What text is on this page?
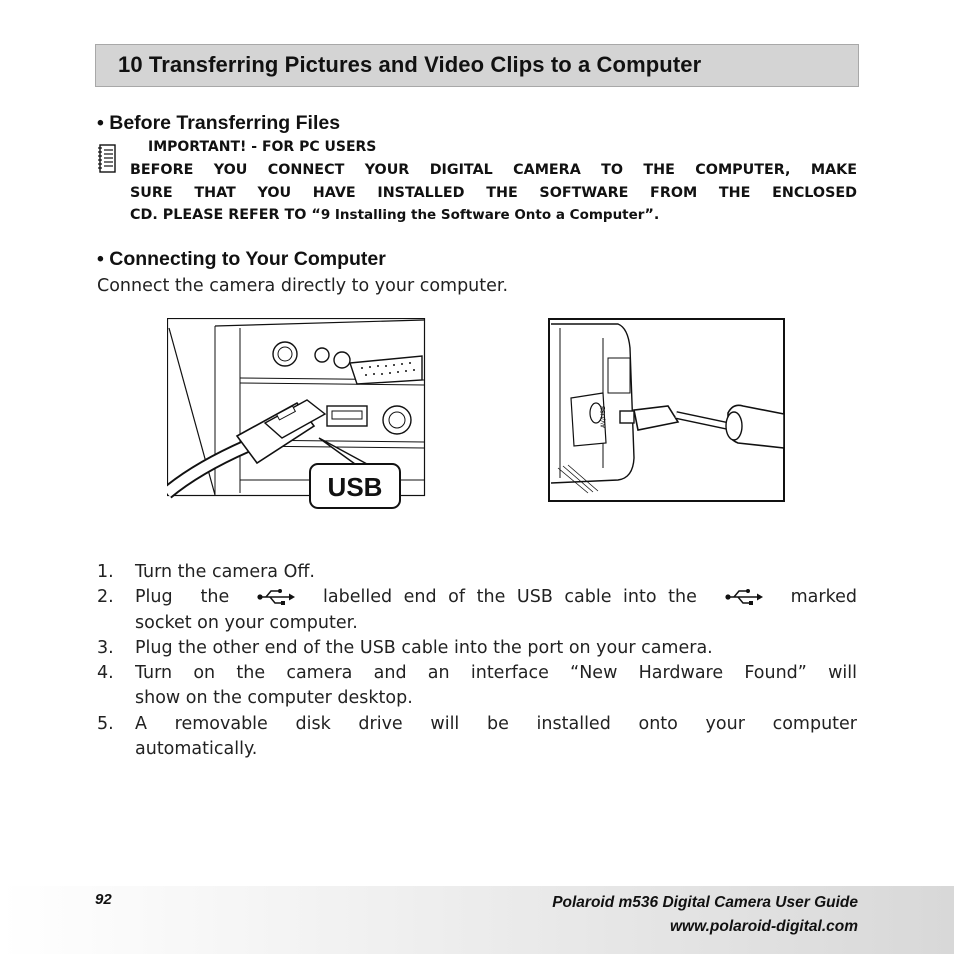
10 Transferring Pictures and Video Clips to a Computer
• Before Transferring Files
IMPORTANT! - FOR PC USERS
BEFORE YOU CONNECT YOUR DIGITAL CAMERA TO THE COMPUTER, MAKE
SURE THAT YOU HAVE INSTALLED THE SOFTWARE FROM THE ENCLOSED
CD. PLEASE REFER TO “9 Installing the Software Onto a Computer”.
• Connecting to Your Computer
Connect the camera directly to your computer.
USB
AV/USB
1. Turn the camera Off.
2. Plug the	labelled end of the USB cable into the	marked
socket on your computer.
3. Plug the other end of the USB cable into the port on your camera.
4. Turn on the camera and an interface “New Hardware Found” will
show on the computer desktop.
5. A removable disk drive will be installed onto your computer
automatically.
92	Polaroid m536 Digital Camera User Guide
www.polaroid-digital.com
